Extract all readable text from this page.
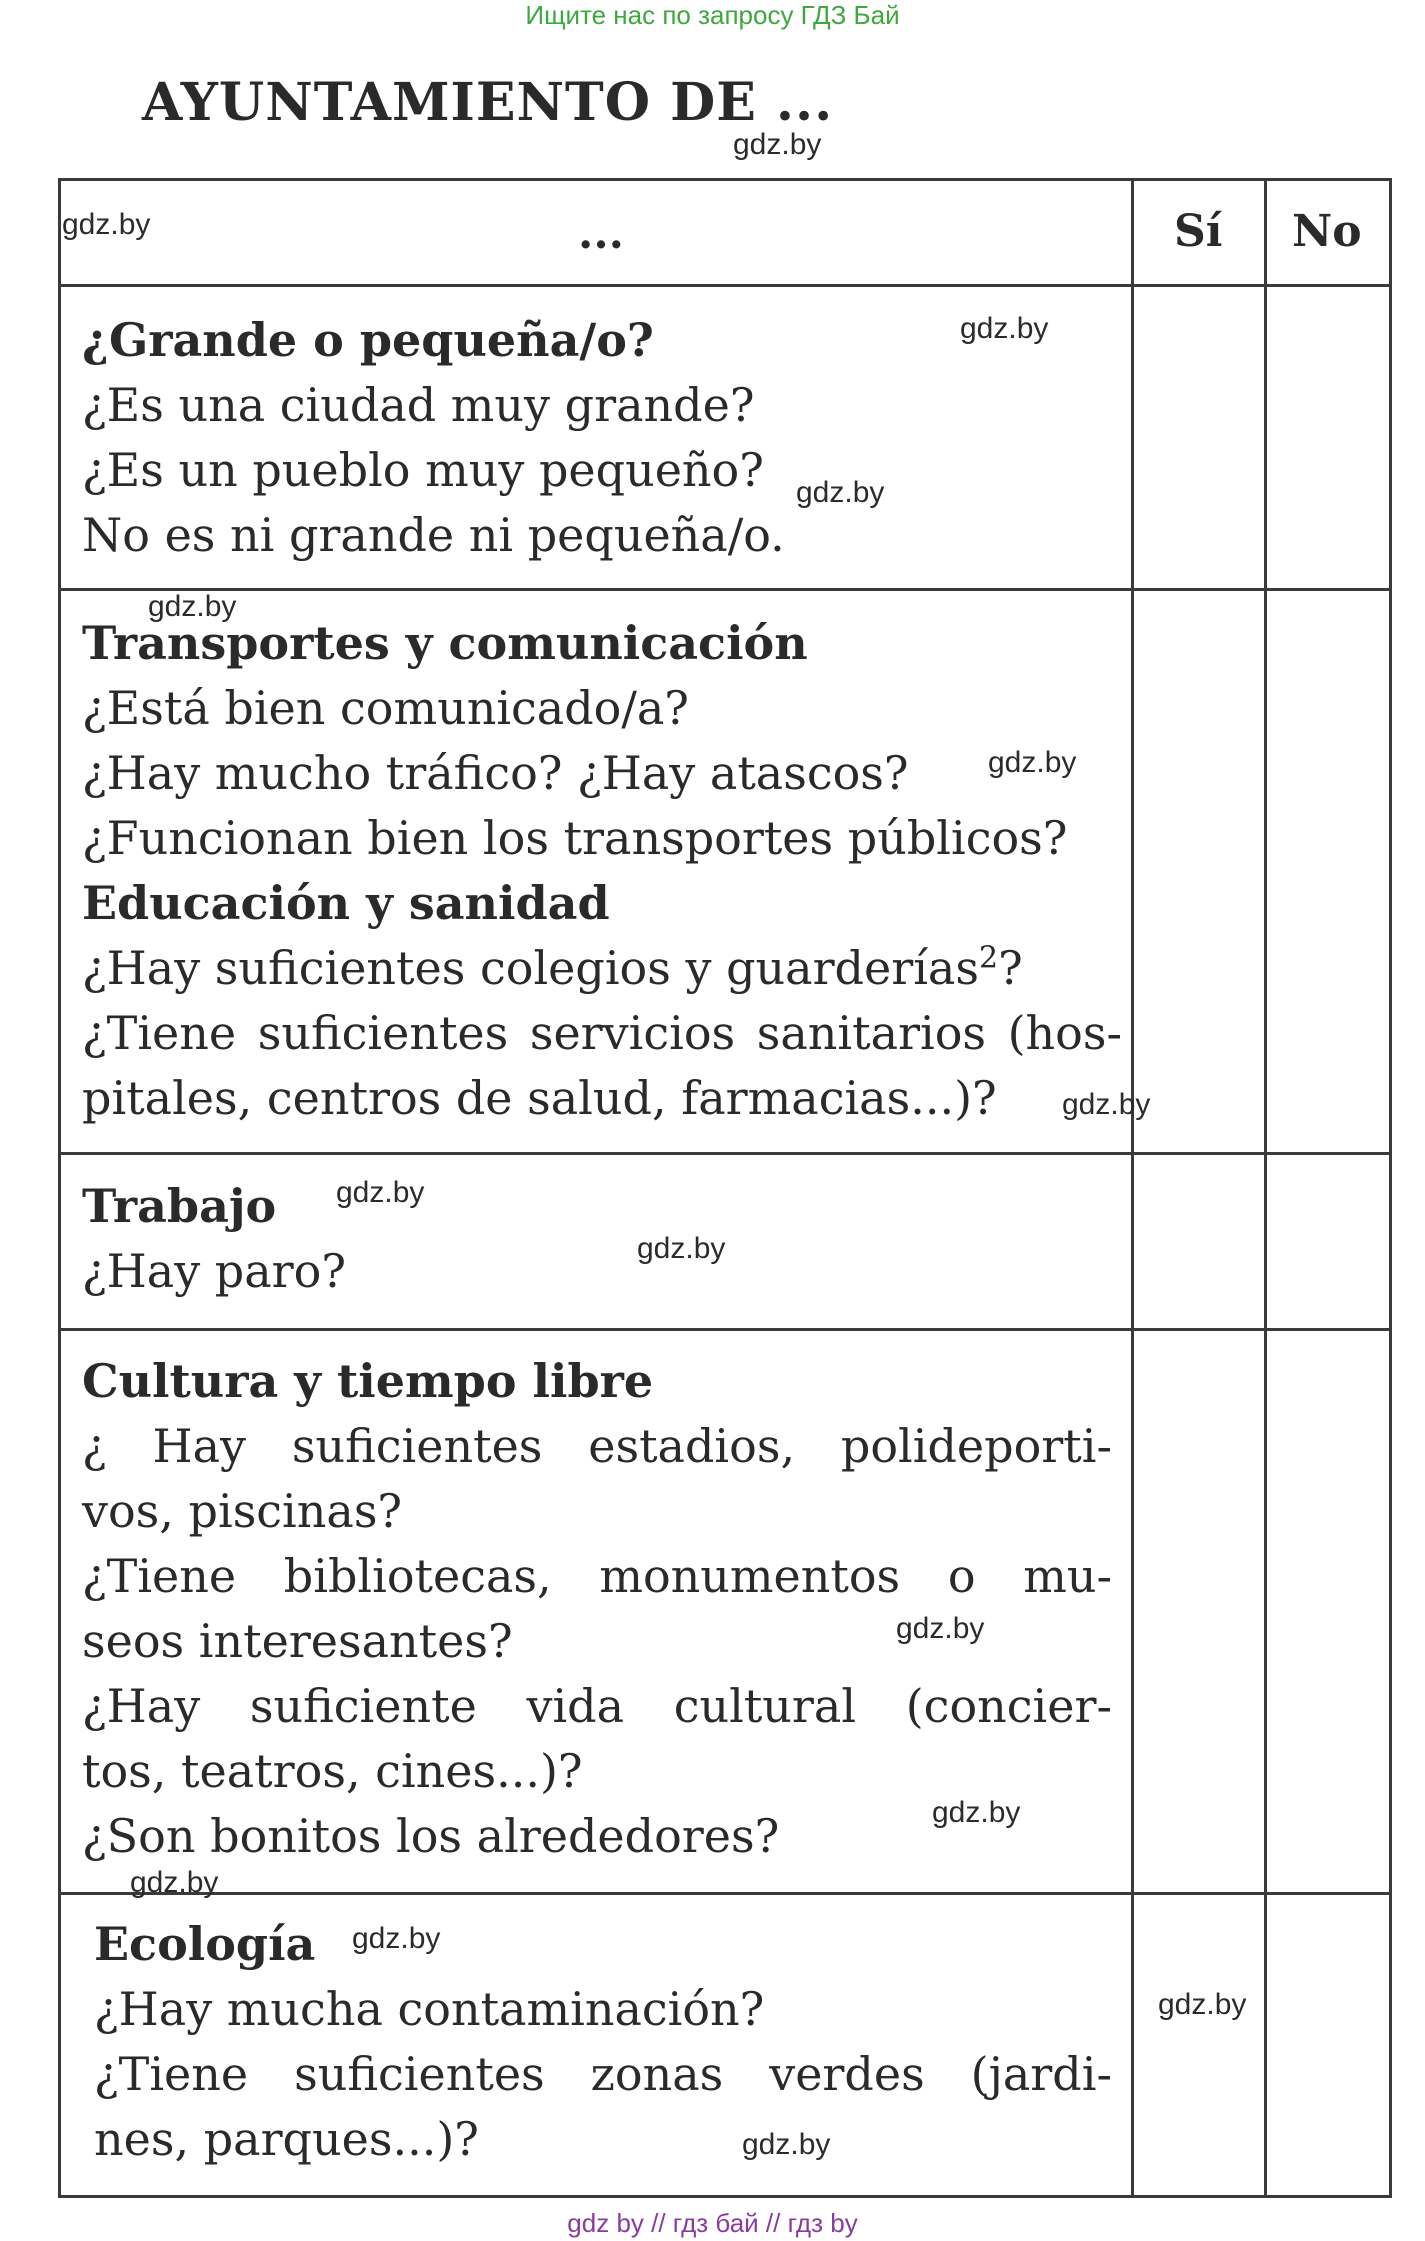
Ищите нас по запросу ГДЗ Бай
AYUNTAMIENTO DE ...
...	Sí No
¿Grande o pequeña/o?
¿Es una ciudad muy grande?
¿Es un pueblo muy pequeño?
No es ni grande ni pequeña/o.
Transportes y comunicación
¿Está bien comunicado/a?
¿Hay mucho tráfico? ¿Hay atascos?
¿Funcionan bien los transportes públicos?
Educación y sanidad
¿Hay suficientes colegios y guarderías$^2$?
¿Tiene suficientes servicios sanitarios (hos-
pitales, centros de salud, farmacias...)?
Trabajo
¿Hay paro?
Cultura y tiempo libre
¿ Hay suficientes estadios, polideporti-
vos, piscinas?
¿Tiene bibliotecas, monumentos o mu-
seos interesantes?
¿Hay suficiente vida cultural (concier-
tos, teatros, cines...)?
¿Son bonitos los alrededores?
Ecología
¿Hay mucha contaminación?
¿Tiene suficientes zonas verdes (jardi-
nes, parques...)?
gdz.by
gdz.by
gdz.by
gdz.by
gdz.by
gdz.by
gdz.by
gdz.by
gdz.by
gdz.by
gdz.by
gdz.by
gdz.by
gdz.by
gdz.by
gdz by // гдз бай // гдз by
